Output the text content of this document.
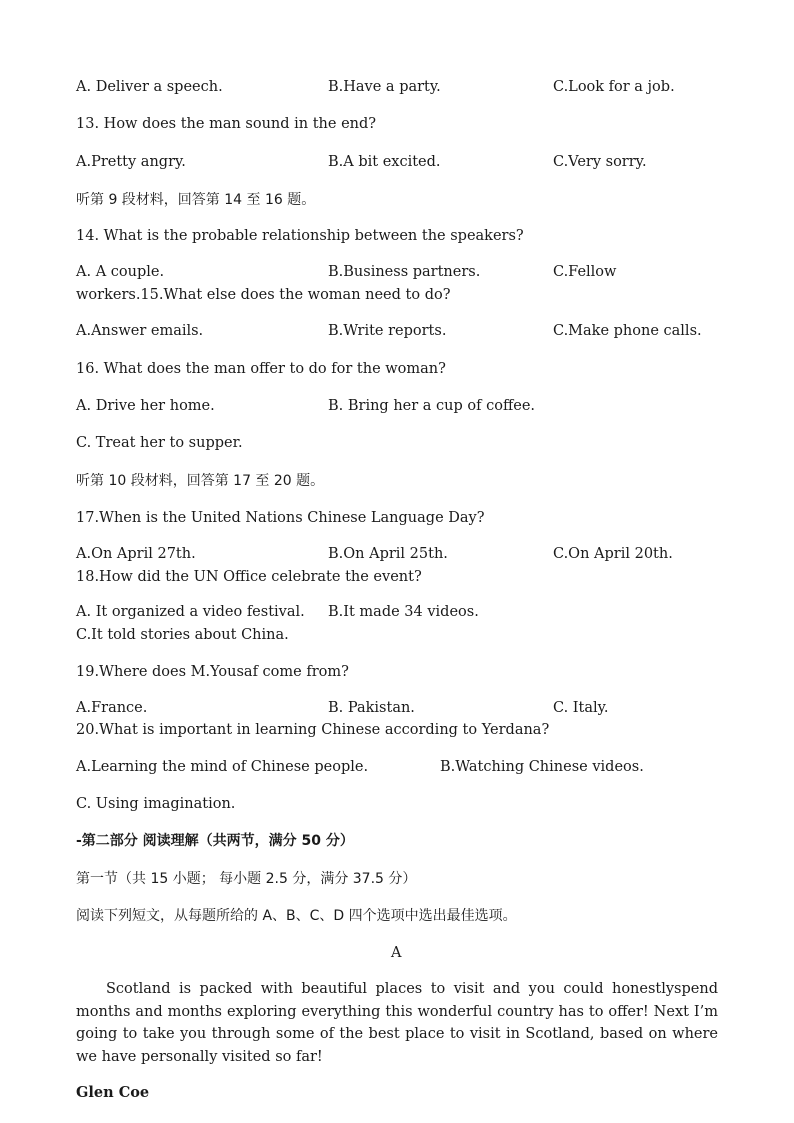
A. Deliver a speech.	B.Have a party.	C.Look for a job.
13. How does the man sound in the end?
A.Pretty angry.	B.A bit excited.	C.Very sorry.
听第 9 段材料，回答第 14 至 16 题。
14. What is the probable relationship between the speakers?
A. A couple.	B.Business partners.	C.Fellow
workers.15.What else does the woman need to do?
A.Answer emails.	B.Write reports.	C.Make phone calls.
16. What does the man offer to do for the woman?
A. Drive her home.	B. Bring her a cup of coffee.
C. Treat her to supper.
听第 10 段材料，回答第 17 至 20 题。
17.When is the United Nations Chinese Language Day?
A.On April 27th.	B.On April 25th.	C.On April 20th.
18.How did the UN Office celebrate the event?
A. It organized a video festival. B.It made 34 videos.
C.It told stories about China.
19.Where does M.Yousaf come from?
A.France.	B. Pakistan.	C. Italy.
20.What is important in learning Chinese according to Yerdana?
A.Learning the mind of Chinese people.	B.Watching Chinese videos.
C. Using imagination.
-第二部分 阅读理解（共两节，满分 50 分）
第一节（共 15 小题； 每小题 2.5 分，满分 37.5 分）
阅读下列短文，从每题所给的 A、B、C、D 四个选项中选出最佳选项。
A

Scotland is packed with beautiful places to visit and you could honestlyspend months and months exploring everything this wonderful country has to offer! Next I’m going to take you through some of the best place to visit in Scotland, based on where we have personally visited so far!

Glen Coe
